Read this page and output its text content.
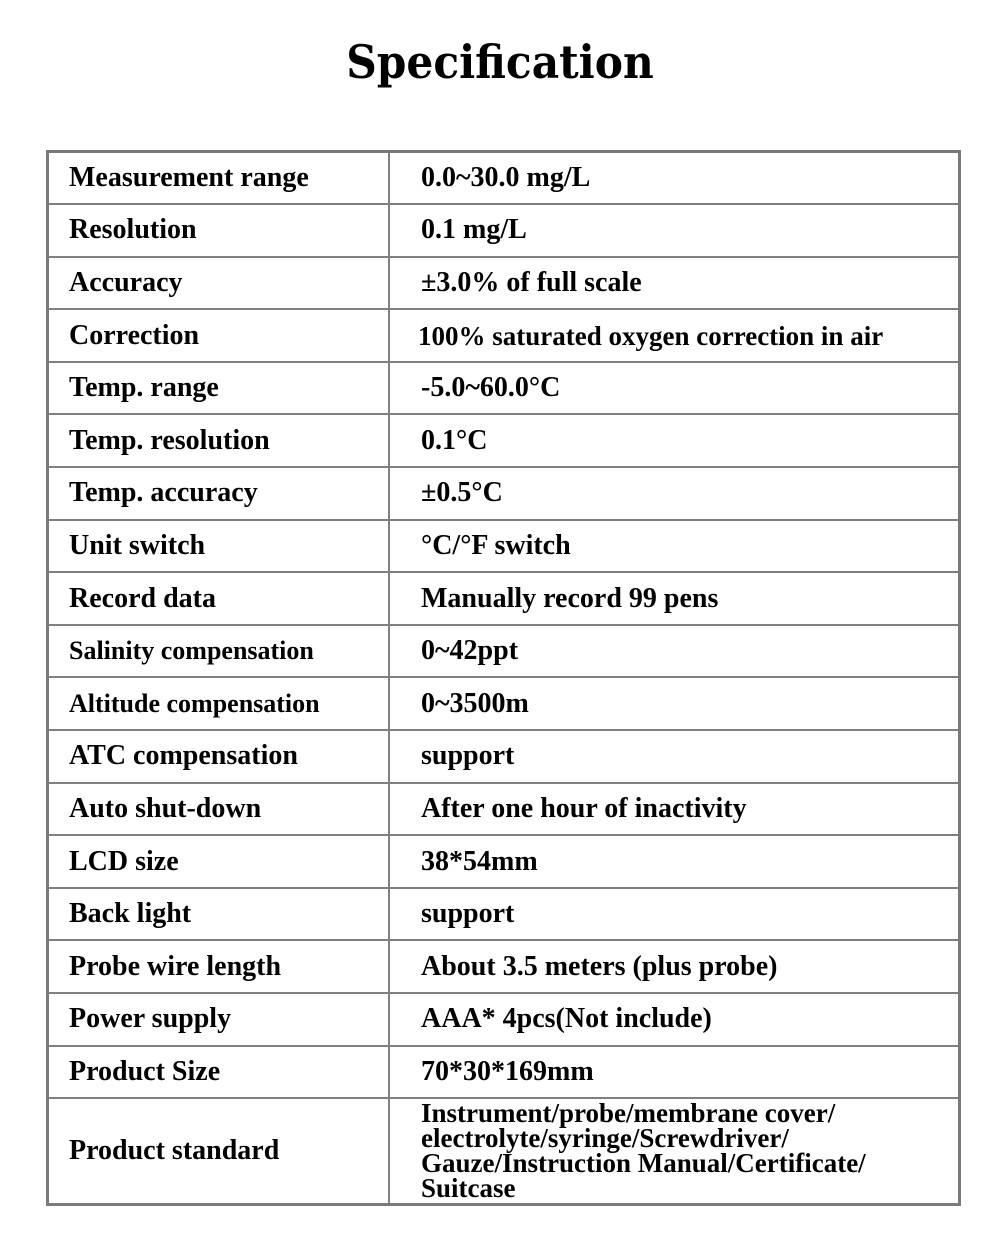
Specification
Measurement range	0.0~30.0 mg/L
Resolution	0.1 mg/L
Accuracy	±3.0% of full scale
Correction	100% saturated oxygen correction in air
Temp. range	-5.0~60.0°C
Temp. resolution	0.1°C
Temp. accuracy	±0.5°C
Unit switch	°C/°F switch
Record data	Manually record 99 pens
Salinity compensation	0~42ppt
Altitude compensation	0~3500m
ATC compensation	support
Auto shut-down	After one hour of inactivity
LCD size	38*54mm
Back light	support
Probe wire length	About 3.5 meters (plus probe)
Power supply	AAA* 4pcs(Not include)
Product Size	70*30*169mm
Product standard	Instrument/probe/membrane cover/
electrolyte/syringe/Screwdriver/
Gauze/Instruction Manual/Certificate/
Suitcase
